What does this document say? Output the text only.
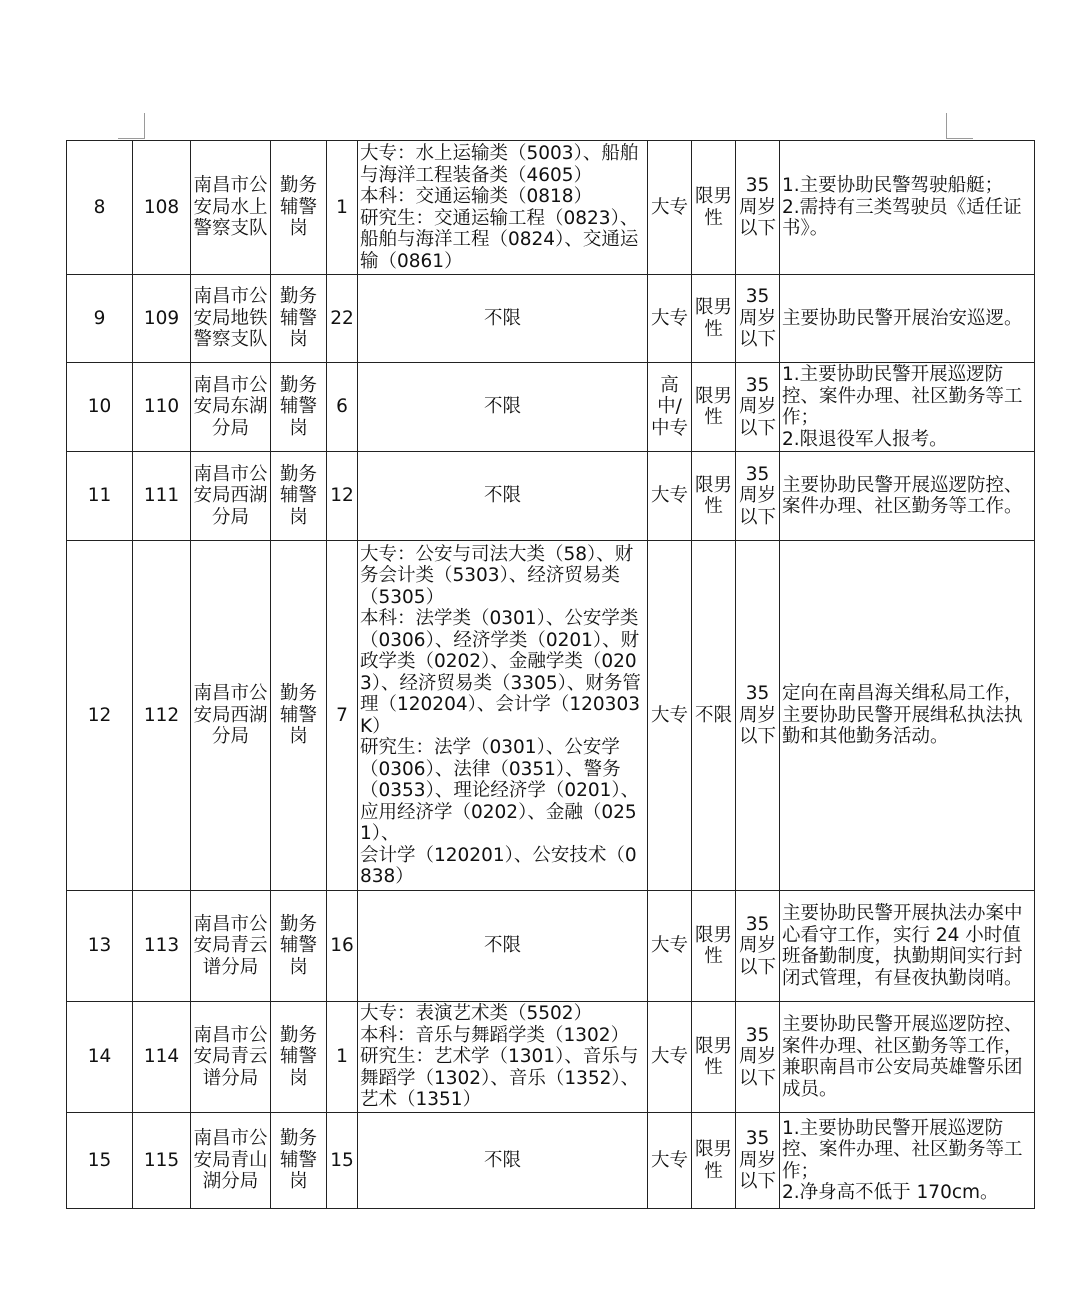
8	108	南昌市公安局水上警察支队	勤务辅警岗	1	大专：水上运输类（5003）、船舶与海洋工程装备类（4605）
本科：交通运输类（0818）
研究生：交通运输工程（0823）、船舶与海洋工程（0824）、交通运输（0861）	大专	限男性	35周岁以下	1.主要协助民警驾驶船艇；
2.需持有三类驾驶员《适任证书》。

9	109	南昌市公安局地铁警察支队	勤务辅警岗	22	不限	大专	限男性	35周岁以下	主要协助民警开展治安巡逻。

10	110	南昌市公安局东湖分局	勤务辅警岗	6	不限	高中/中专	限男性	35周岁以下	1.主要协助民警开展巡逻防控、案件办理、社区勤务等工作；
2.限退役军人报考。

11	111	南昌市公安局西湖分局	勤务辅警岗	12	不限	大专	限男性	35周岁以下	主要协助民警开展巡逻防控、案件办理、社区勤务等工作。

12	112	南昌市公安局西湖分局	勤务辅警岗	7	大专：公安与司法大类（58）、财务会计类（5303）、经济贸易类（5305）
本科：法学类（0301）、公安学类（0306）、经济学类（0201）、财政学类（0202）、金融学类（0203）、经济贸易类（3305）、财务管理（120204）、会计学（120303K）
研究生：法学（0301）、公安学（0306）、法律（0351）、警务（0353）、理论经济学（0201）、应用经济学（0202）、金融（0251）、
会计学（120201）、公安技术（0838）	大专	不限	35周岁以下	定向在南昌海关缉私局工作，主要协助民警开展缉私执法执勤和其他勤务活动。

13	113	南昌市公安局青云谱分局	勤务辅警岗	16	不限	大专	限男性	35周岁以下	主要协助民警开展执法办案中心看守工作，实行 24 小时值班备勤制度，执勤期间实行封闭式管理，有昼夜执勤岗哨。

14	114	南昌市公安局青云谱分局	勤务辅警岗	1	大专：表演艺术类（5502）
本科：音乐与舞蹈学类（1302）
研究生：艺术学（1301）、音乐与舞蹈学（1302）、音乐（1352）、艺术（1351）	大专	限男性	35周岁以下	主要协助民警开展巡逻防控、案件办理、社区勤务等工作，兼职南昌市公安局英雄警乐团成员。

15	115	南昌市公安局青山湖分局	勤务辅警岗	15	不限	大专	限男性	35周岁以下	1.主要协助民警开展巡逻防控、案件办理、社区勤务等工作；
2.净身高不低于 170cm。
